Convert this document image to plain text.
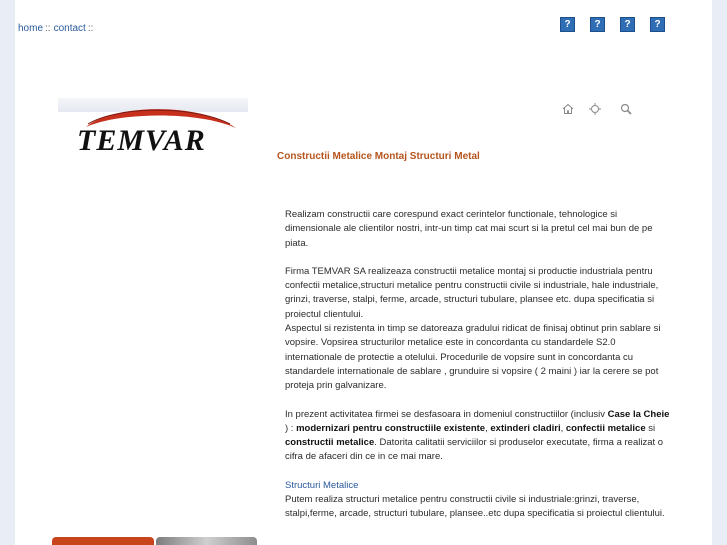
home :: contact ::	?	?	?	?
TEMVAR	Constructii Metalice Montaj Structuri Metal

Realizam constructii care corespund exact cerintelor functionale, tehnologice si dimensionale ale clientilor nostri, intr-un timp cat mai scurt si la pretul cel mai bun de pe piata.

Firma TEMVAR SA realizeaza constructii metalice montaj si productie industriala pentru confectii metalice,structuri metalice pentru constructii civile si industriale, hale industriale, grinzi, traverse, stalpi, ferme, arcade, structuri tubulare, plansee etc. dupa specificatia si proiectul clientului.
Aspectul si rezistenta in timp se datoreaza gradului ridicat de finisaj obtinut prin sablare si vopsire. Vopsirea structurilor metalice este in concordanta cu standardele S2.0 internationale de protectie a otelului. Procedurile de vopsire sunt in concordanta cu standardele internationale de sablare , grunduire si vopsire ( 2 maini ) iar la cerere se pot proteja prin galvanizare.

In prezent activitatea firmei se desfasoara in domeniul constructiilor (inclusiv Case la Cheie ) : modernizari pentru constructiile existente, extinderi cladiri, confectii metalice si constructii metalice. Datorita calitatii serviciilor si produselor executate, firma a realizat o cifra de afaceri din ce in ce mai mare.

Structuri Metalice
Putem realiza structuri metalice pentru constructii civile si industriale:grinzi, traverse, stalpi,ferme, arcade, structuri tubulare, plansee..etc dupa specificatia si proiectul clientului.
